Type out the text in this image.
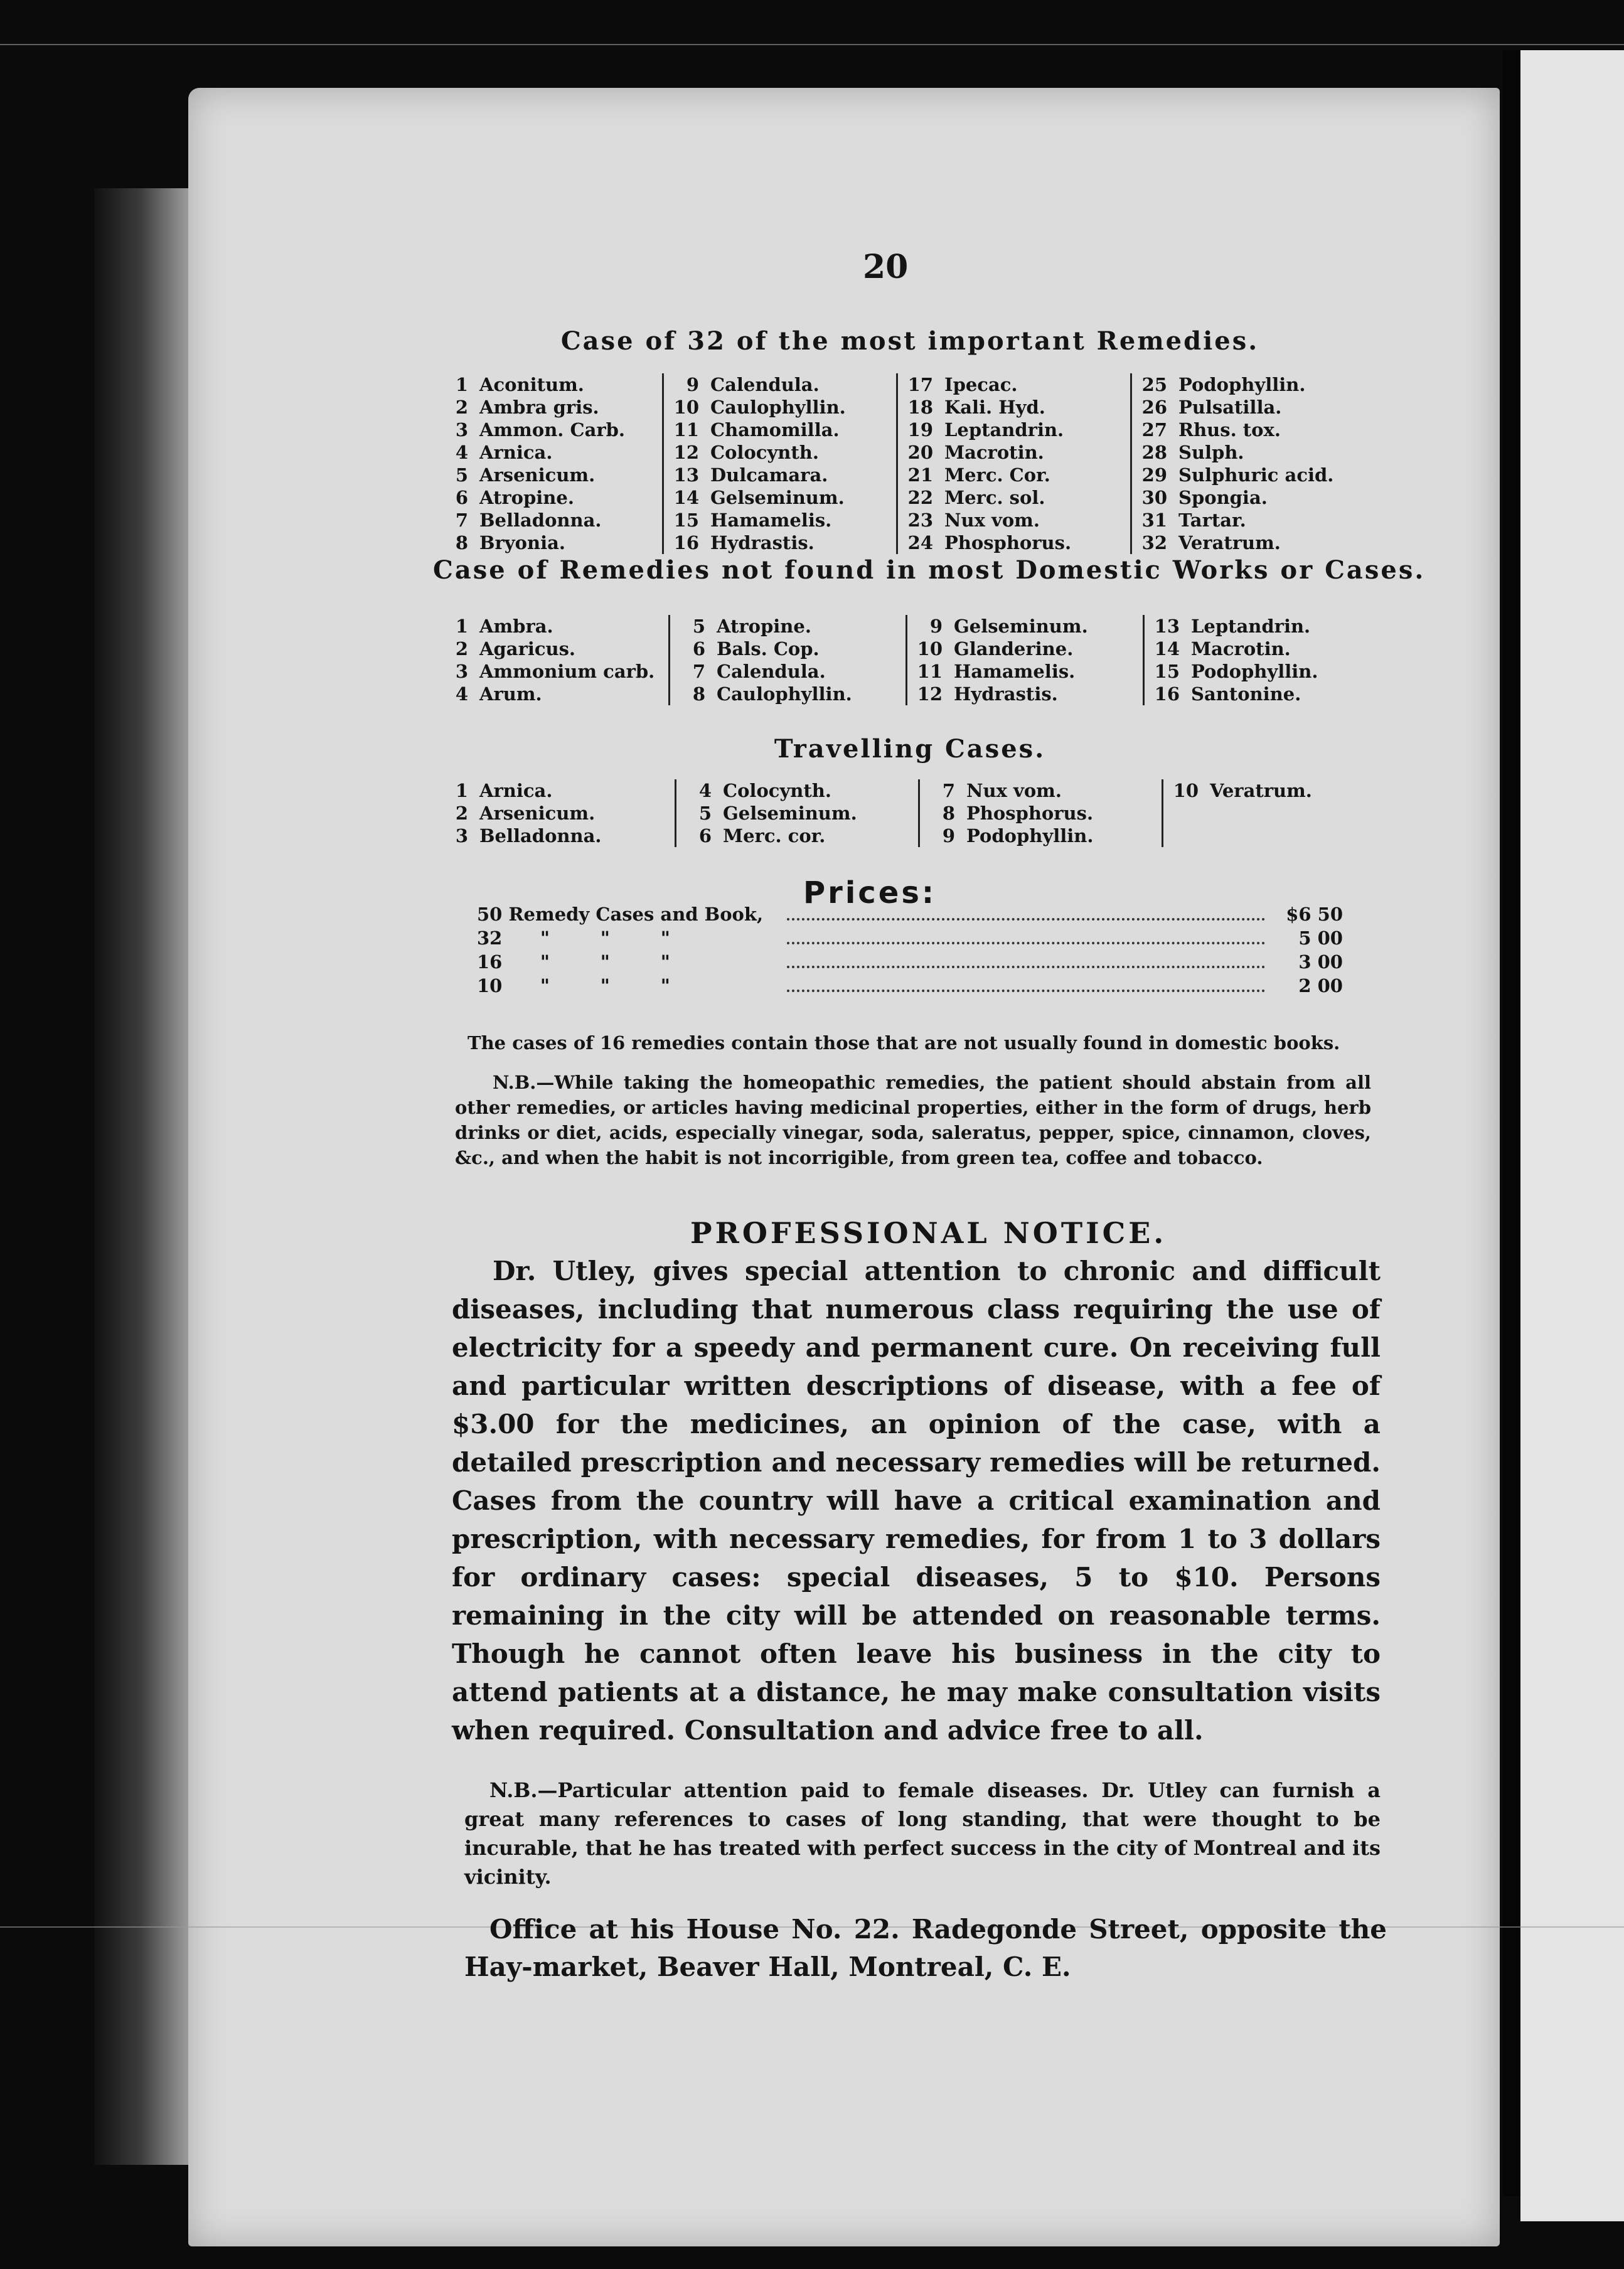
20
Case of 32 of the most important Remedies.
1 Aconitum.
2 Ambra gris.
3 Ammon. Carb.
4 Arnica.
5 Arsenicum.
6 Atropine.
7 Belladonna.
8 Bryonia.
9 Calendula.
10 Caulophyllin.
11 Chamomilla.
12 Colocynth.
13 Dulcamara.
14 Gelseminum.
15 Hamamelis.
16 Hydrastis.
17 Ipecac.
18 Kali. Hyd.
19 Leptandrin.
20 Macrotin.
21 Merc. Cor.
22 Merc. sol.
23 Nux vom.
24 Phosphorus.
25 Podophyllin.
26 Pulsatilla.
27 Rhus. tox.
28 Sulph.
29 Sulphuric acid.
30 Spongia.
31 Tartar.
32 Veratrum.
Case of Remedies not found in most Domestic Works or Cases.
1 Ambra.
2 Agaricus.
3 Ammonium carb.
4 Arum.
5 Atropine.
6 Bals. Cop.
7 Calendula.
8 Caulophyllin.
9 Gelseminum.
10 Glanderine.
11 Hamamelis.
12 Hydrastis.
13 Leptandrin.
14 Macrotin.
15 Podophyllin.
16 Santonine.
Travelling Cases.
1 Arnica.
2 Arsenicum.
3 Belladonna.
4 Colocynth.
5 Gelseminum.
6 Merc. cor.
7 Nux vom.
8 Phosphorus.
9 Podophyllin.
10 Veratrum.
Prices:
50 Remedy Cases and Book,	$6 50
32      "        "        "	5 00
16      "        "        "	3 00
10      "        "        "	2 00
The cases of 16 remedies contain those that are not usually found in domestic books.
N.B.—While taking the homeopathic remedies, the patient should abstain from all other remedies, or articles having medicinal properties, either in the form of drugs, herb drinks or diet, acids, especially vinegar, soda, saleratus, pepper, spice, cinnamon, cloves, &c., and when the habit is not incorrigible, from green tea, coffee and tobacco.
PROFESSIONAL NOTICE.
Dr. Utley, gives special attention to chronic and difficult diseases, including that numerous class requiring the use of electricity for a speedy and permanent cure. On receiving full and particular written descriptions of disease, with a fee of $3.00 for the medicines, an opinion of the case, with a detailed prescription and necessary remedies will be returned. Cases from the country will have a critical examination and prescription, with necessary remedies, for from 1 to 3 dollars for ordinary cases: special diseases, 5 to $10. Persons remaining in the city will be attended on reasonable terms. Though he cannot often leave his business in the city to attend patients at a distance, he may make consultation visits when required. Consultation and advice free to all.
N.B.—Particular attention paid to female diseases. Dr. Utley can furnish a great many references to cases of long standing, that were thought to be incurable, that he has treated with perfect success in the city of Montreal and its vicinity.
Office at his House No. 22. Radegonde Street, opposite the Hay-market, Beaver Hall, Montreal, C. E.
